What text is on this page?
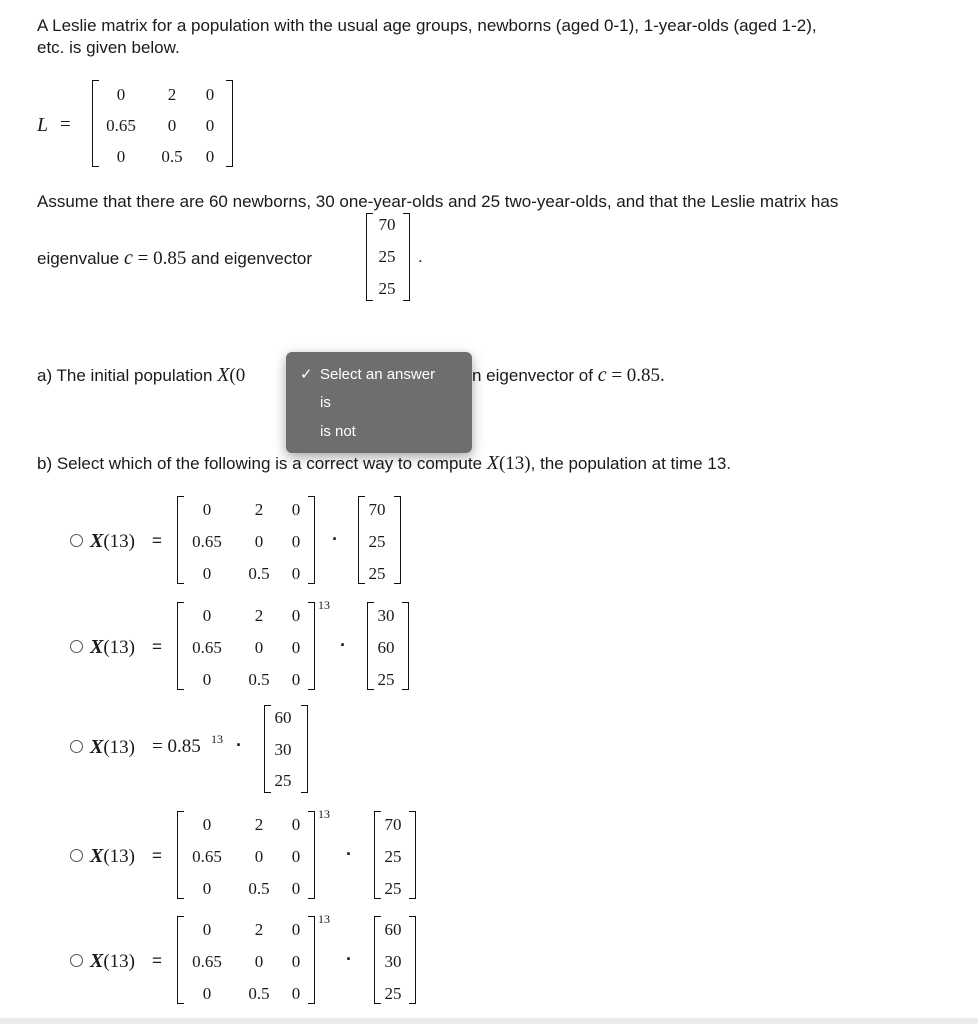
A Leslie matrix for a population with the usual age groups, newborns (aged 0-1), 1-year-olds (aged 1-2),
etc. is given below.
L =
0	2 0
0.65 0 0
0 0.5 0
Assume that there are 60 newborns, 30 one-year-olds and 25 two-year-olds, and that the Leslie matrix has
eigenvalue c = 0.85 and eigenvector
70
25
25
.
a) The initial population X(0	n eigenvector of c = 0.85.
b) Select which of the following is a correct way to compute X(13), the population at time 13.
X(13) =
0	2 0
0.65 0 0
0 0.5 0
·
70
25
25
X(13) =
0	2 0
0.65 0 0
0 0.5 0
13
·
30
60
25
X(13) = 0.85 13 ·
60
30
25
X(13) =
0	2 0
0.65 0 0
0 0.5 0
13
·
70
25
25
X(13) =
0	2 0
0.65 0 0
0 0.5 0
13
·
60
30
25
✓ Select an answer
is
is not
